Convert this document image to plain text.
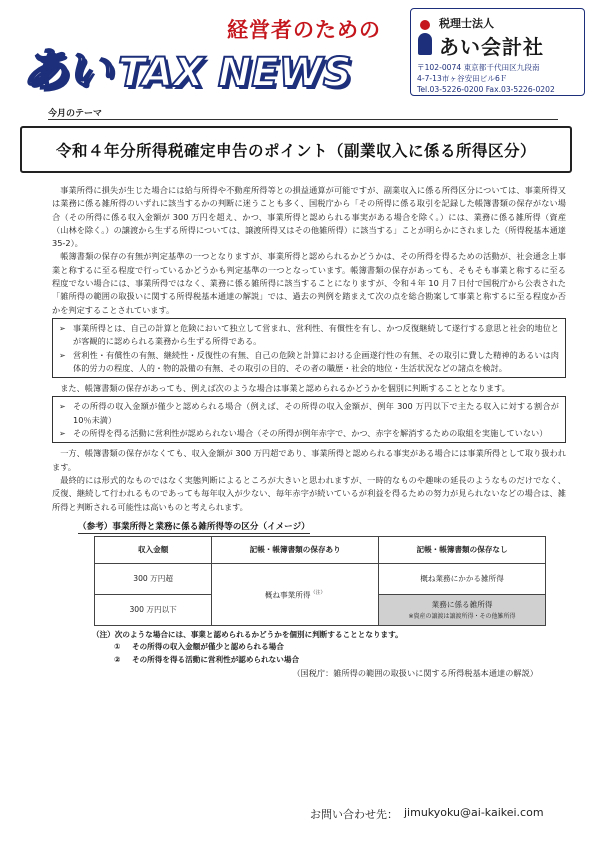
経営者のための
あい TAX NEWS
税理士法人
あい会計社
〒102-0074 東京都千代田区九段南
4-7-13市ヶ谷安田ビル6Ｆ
Tel.03-5226-0200 Fax.03-5226-0202
今月のテーマ
令和４年分所得税確定申告のポイント（副業収入に係る所得区分）

事業所得に損失が生じた場合には給与所得や不動産所得等との損益通算が可能ですが、副業収入に係る所得区分については、事業所得又は業務に係る雑所得のいずれに該当するかの判断に迷うことも多く、国税庁から「その所得に係る取引を記録した帳簿書類の保存がない場合（その所得に係る収入金額が 300 万円を超え、かつ、事業所得と認められる事実がある場合を除く。）には、業務に係る雑所得（資産（山林を除く。）の譲渡から生ずる所得については、譲渡所得又はその他雑所得）に該当する」ことが明らかにされました（所得税基本通達 35-2）。

帳簿書類の保存の有無が判定基準の一つとなりますが、事業所得と認められるかどうかは、その所得を得るための活動が、社会通念上事業と称するに至る程度で行っているかどうかも判定基準の一つとなっています。帳簿書類の保存があっても、そもそも事業と称するに至る程度でない場合には、事業所得ではなく、業務に係る雑所得に該当することになりますが、令和４年 10 月７日付で国税庁から公表された「雑所得の範囲の取扱いに関する所得税基本通達の解説」では、過去の判例を踏まえて次の点を総合勘案して事業と称するに至る程度か否かを判定することされています。

➢ 事業所得とは、自己の計算と危険において独立して営まれ、営利性、有償性を有し、かつ反復継続して遂行する意思と社会的地位とが客観的に認められる業務から生ずる所得である。
➢ 営利性・有償性の有無、継続性・反復性の有無、自己の危険と計算における企画遂行性の有無、その取引に費した精神的あるいは肉体的労力の程度、人的・物的設備の有無、その取引の目的、その者の職歴・社会的地位・生活状況などの諸点を検討。

また、帳簿書類の保存があっても、例えば次のような場合は事業と認められるかどうかを個別に判断することとなります。

➢ その所得の収入金額が僅少と認められる場合（例えば、その所得の収入金額が、例年 300 万円以下で主たる収入に対する割合が 10％未満）
➢ その所得を得る活動に営利性が認められない場合（その所得が例年赤字で、かつ、赤字を解消するための取組を実施していない）

一方、帳簿書類の保存がなくても、収入金額が 300 万円超であり、事業所得と認められる事実がある場合には事業所得として取り扱われます。

最終的には形式的なものではなく実態判断によるところが大きいと思われますが、一時的なものや趣味の延長のようなものだけでなく、反復、継続して行われるものであっても毎年収入が少ない、毎年赤字が続いているが利益を得るための努力が見られないなどの場合は、雑所得と判断される可能性は高いものと考えられます。

（参考）事業所得と業務に係る雑所得等の区分（イメージ）
収入金額	記帳・帳簿書類の保存あり	記帳・帳簿書類の保存なし
300 万円超	概ね事業所得$^{(注)}$	概ね業務にかかる雑所得
300 万円以下		業務に係る雑所得
※資産の譲渡は譲渡所得・その他雑所得
（注）次のような場合には、事業と認められるかどうかを個別に判断することとなります。
①	その所得の収入金額が僅少と認められる場合
②	その所得を得る活動に営利性が認められない場合
（国税庁：雑所得の範囲の取扱いに関する所得税基本通達の解説）
お問い合わせ先： jimukyoku@ai-kaikei.com
